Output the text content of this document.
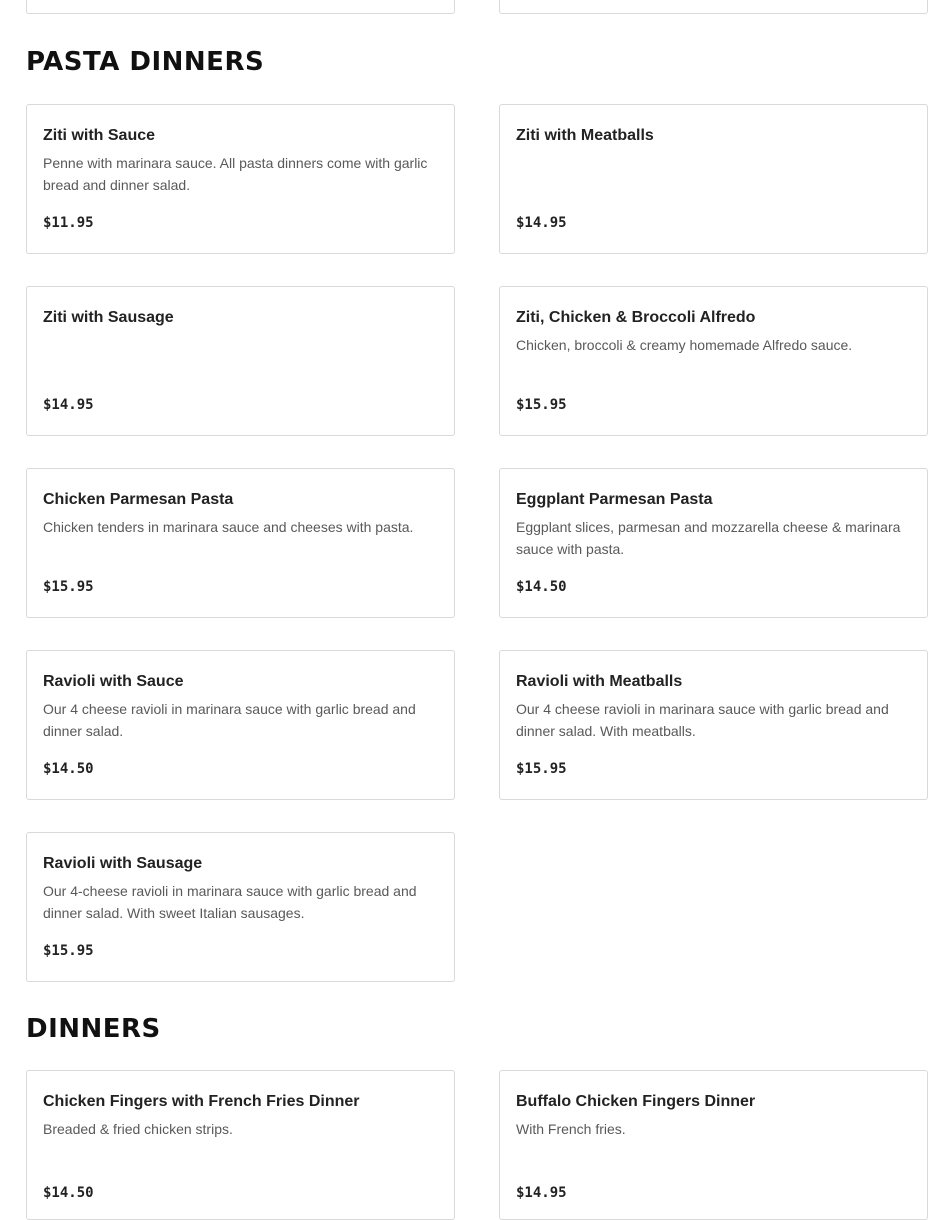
PASTA DINNERS

Ziti with Sauce

Penne with marinara sauce. All pasta dinners come with garlic bread and dinner salad.

$11.95

Ziti with Meatballs

$14.95

Ziti with Sausage

$14.95

Ziti, Chicken & Broccoli Alfredo

Chicken, broccoli & creamy homemade Alfredo sauce.

$15.95

Chicken Parmesan Pasta

Chicken tenders in marinara sauce and cheeses with pasta.

$15.95

Eggplant Parmesan Pasta

Eggplant slices, parmesan and mozzarella cheese & marinara sauce with pasta.

$14.50

Ravioli with Sauce

Our 4 cheese ravioli in marinara sauce with garlic bread and dinner salad.

$14.50

Ravioli with Meatballs

Our 4 cheese ravioli in marinara sauce with garlic bread and dinner salad. With meatballs.

$15.95

Ravioli with Sausage

Our 4-cheese ravioli in marinara sauce with garlic bread and dinner salad. With sweet Italian sausages.

$15.95
DINNERS

Chicken Fingers with French Fries Dinner

Breaded & fried chicken strips.

$14.50

Buffalo Chicken Fingers Dinner

With French fries.

$14.95
